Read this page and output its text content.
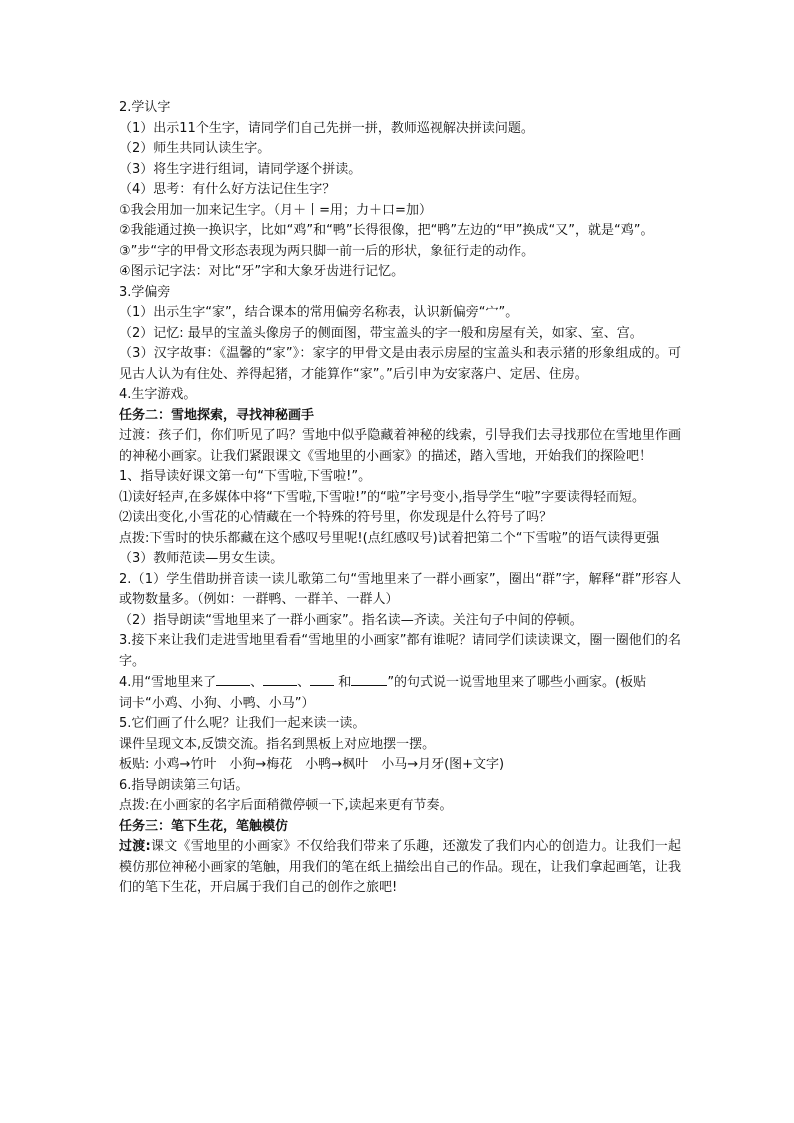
2.学认字

（1）出示11个生字，请同学们自己先拼一拼，教师巡视解决拼读问题。

（2）师生共同认读生字。

（3）将生字进行组词，请同学逐个拼读。

（4）思考：有什么好方法记住生字？

①我会用加一加来记生字。（月＋丨=用；力＋口=加）

②我能通过换一换识字，比如“鸡”和“鸭”长得很像，把“鸭”左边的“甲”换成“又”，就是“鸡”。

③”步“字的甲骨文形态表现为两只脚一前一后的形状，象征行走的动作。

④图示记字法：对比“牙”字和大象牙齿进行记忆。

3.学偏旁

（1）出示生字“家”，结合课本的常用偏旁名称表，认识新偏旁“宀”。

（2）记忆: 最早的宝盖头像房子的侧面图，带宝盖头的字一般和房屋有关，如家、室、宫。

（3）汉字故事：《温馨的“家”》：家字的甲骨文是由表示房屋的宝盖头和表示猪的形象组成的。可见古人认为有住处、养得起猪，才能算作“家”。”后引申为安家落户、定居、住房。

4.生字游戏。

任务二：雪地探索，寻找神秘画手

过渡：孩子们，你们听见了吗？雪地中似乎隐藏着神秘的线索，引导我们去寻找那位在雪地里作画的神秘小画家。让我们紧跟课文《雪地里的小画家》的描述，踏入雪地，开始我们的探险吧！

1、指导读好课文第一句“下雪啦,下雪啦!”。

⑴读好轻声,在多媒体中将“下雪啦,下雪啦!”的“啦”字号变小,指导学生“啦”字要读得轻而短。

⑵读出变化,小雪花的心情藏在一个特殊的符号里，你发现是什么符号了吗？

点拨:下雪时的快乐都藏在这个感叹号里呢!(点红感叹号)试着把第二个“下雪啦”的语气读得更强

（3）教师范读—男女生读。

2.（1）学生借助拼音读一读儿歌第二句“雪地里来了一群小画家”，圈出“群”字，解释“群”形容人或物数量多。（例如：一群鸭、一群羊、一群人）

（2）指导朗读“雪地里来了一群小画家”。指名读—齐读。关注句子中间的停顿。

3.接下来让我们走进雪地里看看“雪地里的小画家”都有谁呢？请同学们读读课文，圈一圈他们的名字。

4.用“雪地里来了	、	、 和	”的句式说一说雪地里来了哪些小画家。(板贴

词卡“小鸡、小狗、小鸭、小马”）

5.它们画了什么呢？让我们一起来读一读。

课件呈现文本,反馈交流。指名到黑板上对应地摆一摆。

板贴: 小鸡→竹叶　小狗→梅花　小鸭→枫叶　小马→月牙(图+文字)

6.指导朗读第三句话。

点拨:在小画家的名字后面稍微停顿一下,读起来更有节奏。

任务三：笔下生花，笔触模仿

过渡:课文《雪地里的小画家》不仅给我们带来了乐趣，还激发了我们内心的创造力。让我们一起模仿那位神秘小画家的笔触，用我们的笔在纸上描绘出自己的作品。现在，让我们拿起画笔，让我们的笔下生花，开启属于我们自己的创作之旅吧!
